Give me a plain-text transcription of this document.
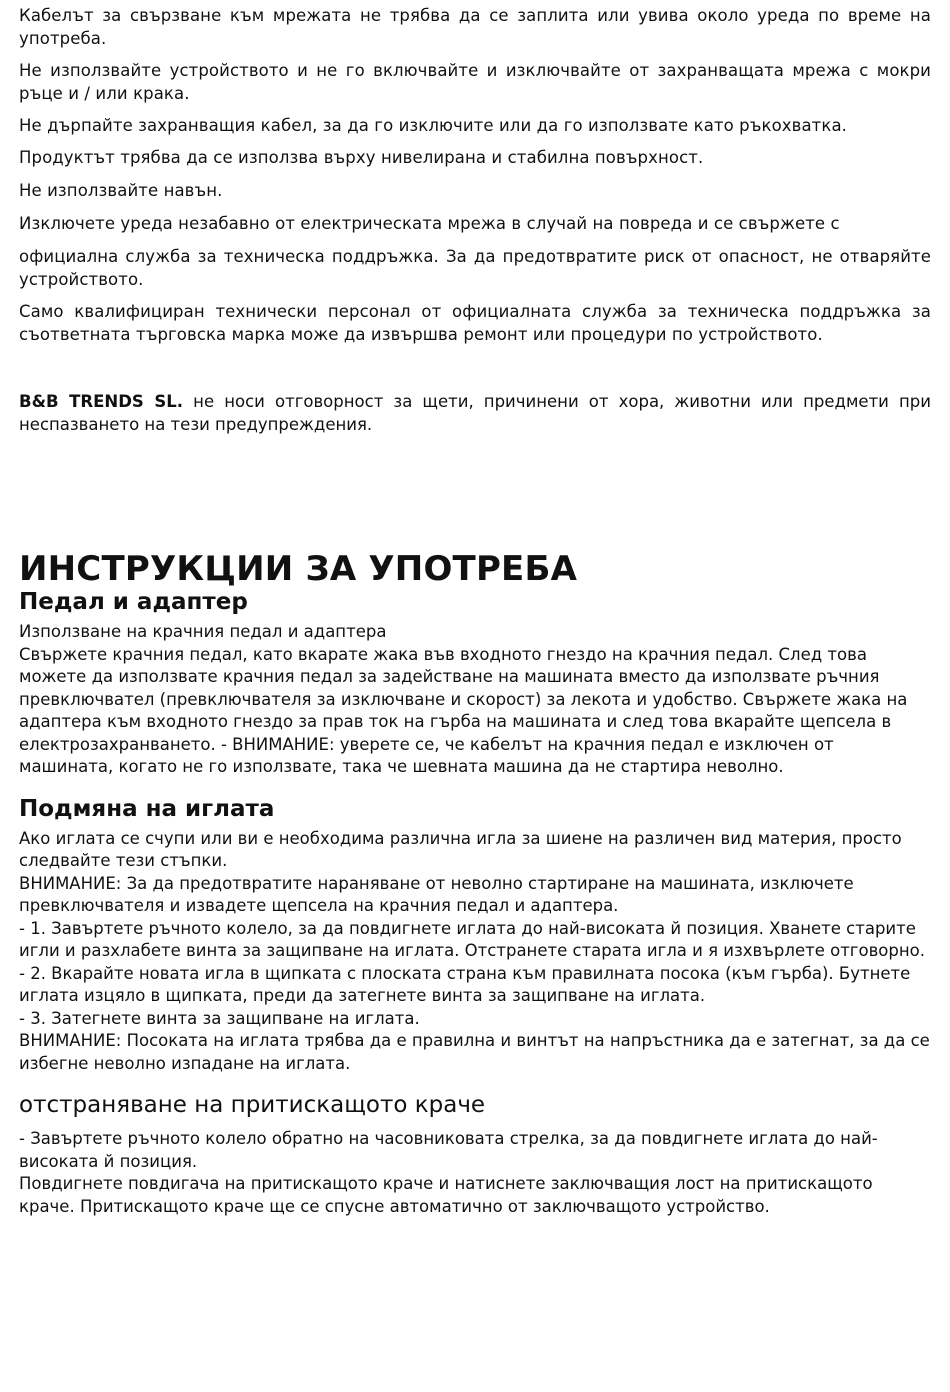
Кабелът за свързване към мрежата не трябва да се заплита или увива около уреда по време на употреба.

Не използвайте устройството и не го включвайте и изключвайте от захранващата мрежа с мокри ръце и / или крака.

Не дърпайте захранващия кабел, за да го изключите или да го използвате като ръкохватка.

Продуктът трябва да се използва върху нивелирана и стабилна повърхност.

Не използвайте навън.

Изключете уреда незабавно от електрическата мрежа в случай на повреда и се свържете с

официална служба за техническа поддръжка. За да предотвратите риск от опасност, не отваряйте устройството.

Само квалифициран технически персонал от официалната служба за техническа поддръжка за съответната търговска марка може да извършва ремонт или процедури по устройството.

B&B TRENDS SL. не носи отговорност за щети, причинени от хора, животни или предмети при неспазването на тези предупреждения.

ИНСТРУКЦИИ ЗА УПОТРЕБА
Педал и адаптер

Използване на крачния педал и адаптера

Свържете крачния педал, като вкарате жака във входното гнездо на крачния педал. След това можете да използвате крачния педал за задействане на машината вместо да използвате ръчния превключвател (превключвателя за изключване и скорост) за лекота и удобство. Свържете жака на адаптера към входното гнездо за прав ток на гърба на машината и след това вкарайте щепсела в електрозахранването. - ВНИМАНИЕ: уверете се, че кабелът на крачния педал е изключен от машината, когато не го използвате, така че шевната машина да не стартира неволно.

Подмяна на иглата

Ако иглата се счупи или ви е необходима различна игла за шиене на различен вид материя, просто следвайте тези стъпки.

ВНИМАНИЕ: За да предотвратите нараняване от неволно стартиране на машината, изключете превключвателя и извадете щепсела на крачния педал и адаптера.

- 1. Завъртете ръчното колело, за да повдигнете иглата до най-високата й позиция. Хванете старите игли и разхлабете винта за защипване на иглата. Отстранете старата игла и я изхвърлете отговорно.

- 2. Вкарайте новата игла в щипката с плоската страна към правилната посока (към гърба). Бутнете иглата изцяло в щипката, преди да затегнете винта за защипване на иглата.

- 3. Затегнете винта за защипване на иглата.

ВНИМАНИЕ: Посоката на иглата трябва да е правилна и винтът на напръстника да е затегнат, за да се избегне неволно изпадане на иглата.

отстраняване на притискащото краче

- Завъртете ръчното колело обратно на часовниковата стрелка, за да повдигнете иглата до най-високата й позиция.

Повдигнете повдигача на притискащото краче и натиснете заключващия лост на притискащото краче. Притискащото краче ще се спусне автоматично от заключващото устройство.
